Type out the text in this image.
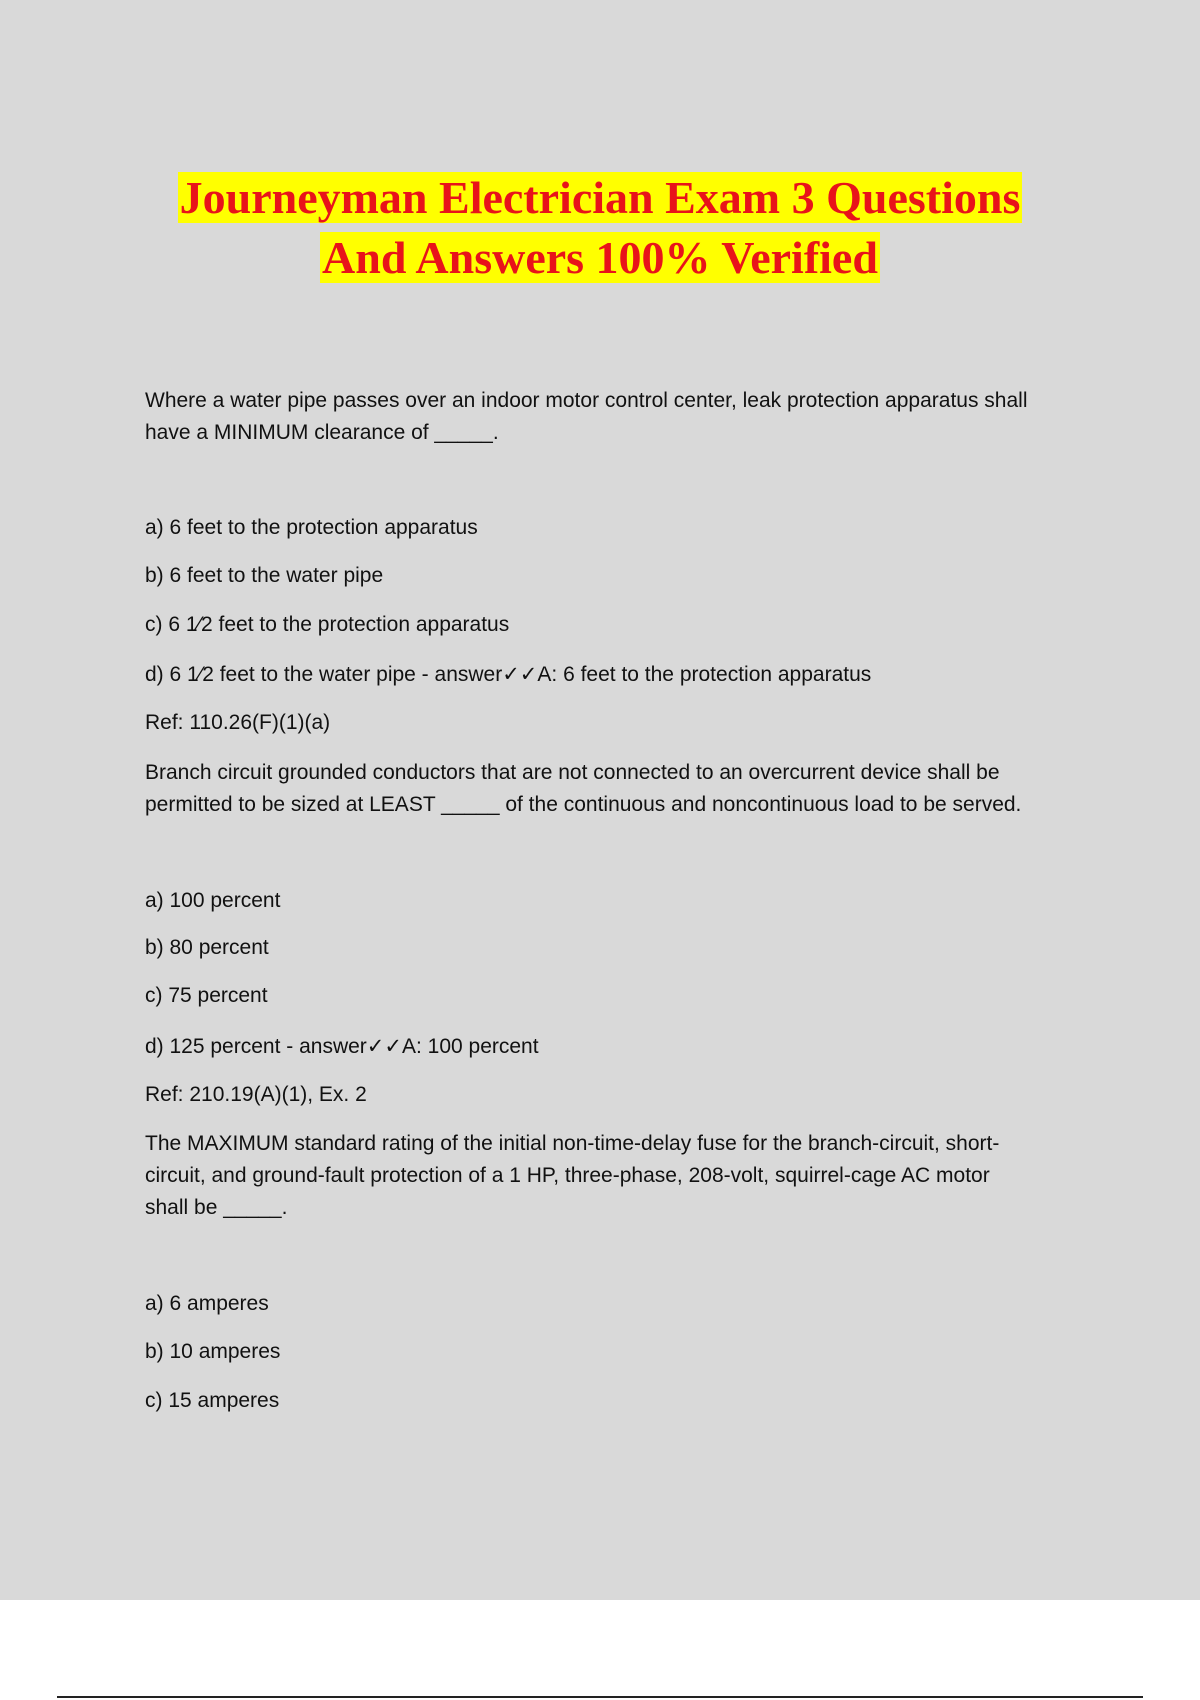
Journeyman Electrician Exam 3 Questions
And Answers 100% Verified
Where a water pipe passes over an indoor motor control center, leak protection apparatus shall
have a MINIMUM clearance of _____.
a) 6 feet to the protection apparatus
b) 6 feet to the water pipe
c) 6 1⁄2 feet to the protection apparatus
d) 6 1⁄2 feet to the water pipe - answer✓✓A: 6 feet to the protection apparatus
Ref: 110.26(F)(1)(a)
Branch circuit grounded conductors that are not connected to an overcurrent device shall be
permitted to be sized at LEAST _____ of the continuous and noncontinuous load to be served.
a) 100 percent
b) 80 percent
c) 75 percent
d) 125 percent - answer✓✓A: 100 percent
Ref: 210.19(A)(1), Ex. 2
The MAXIMUM standard rating of the initial non-time-delay fuse for the branch-circuit, short-
circuit, and ground-fault protection of a 1 HP, three-phase, 208-volt, squirrel-cage AC motor
shall be _____.
a) 6 amperes
b) 10 amperes
c) 15 amperes
